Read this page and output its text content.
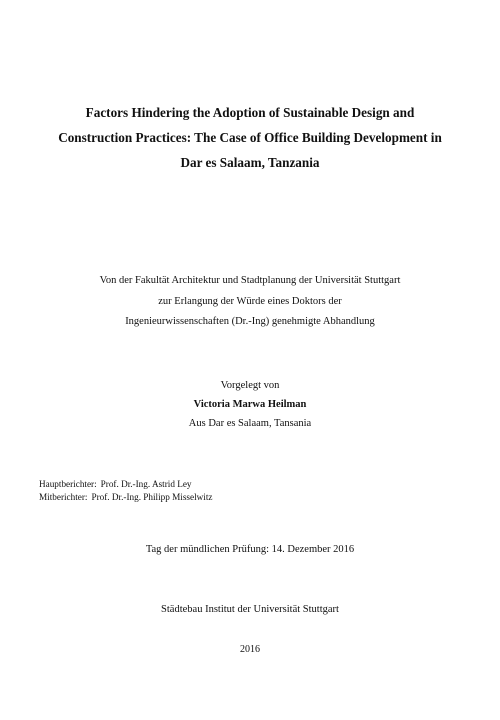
Factors Hindering the Adoption of Sustainable Design and
Construction Practices: The Case of Office Building Development in
Dar es Salaam, Tanzania
Von der Fakultät Architektur und Stadtplanung der Universität Stuttgart
zur Erlangung der Würde eines Doktors der
Ingenieurwissenschaften (Dr.-Ing) genehmigte Abhandlung
Vorgelegt von
Victoria Marwa Heilman
Aus Dar es Salaam, Tansania
Hauptberichter: Prof. Dr.-Ing. Astrid Ley
Mitberichter: Prof. Dr.-Ing. Philipp Misselwitz
Tag der mündlichen Prüfung: 14. Dezember 2016
Städtebau Institut der Universität Stuttgart
2016
